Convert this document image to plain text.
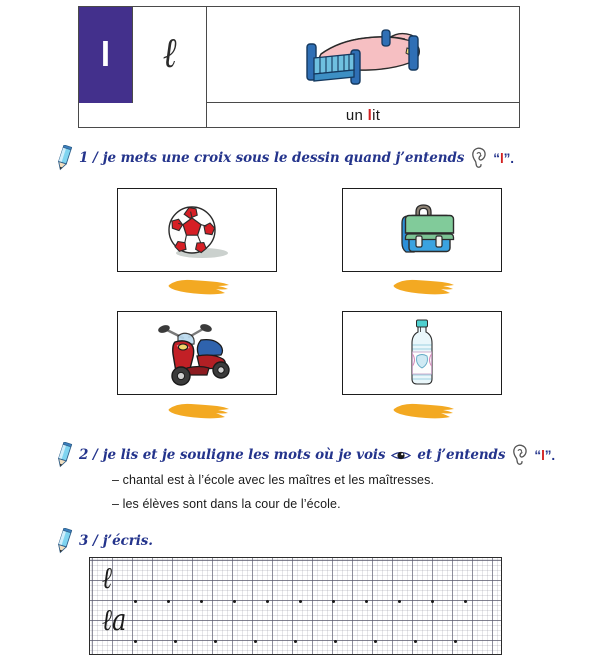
l ℓ
un lit
1 / je mets une croix sous le dessin quand j’entends “l”.
2 / je lis et je souligne les mots où je vois et j’entends “l”.
– chantal est à l’école avec les maîtres et les maîtresses.
– les élèves sont dans la cour de l’école.
3 / j’écris.
ℓ
ℓa
